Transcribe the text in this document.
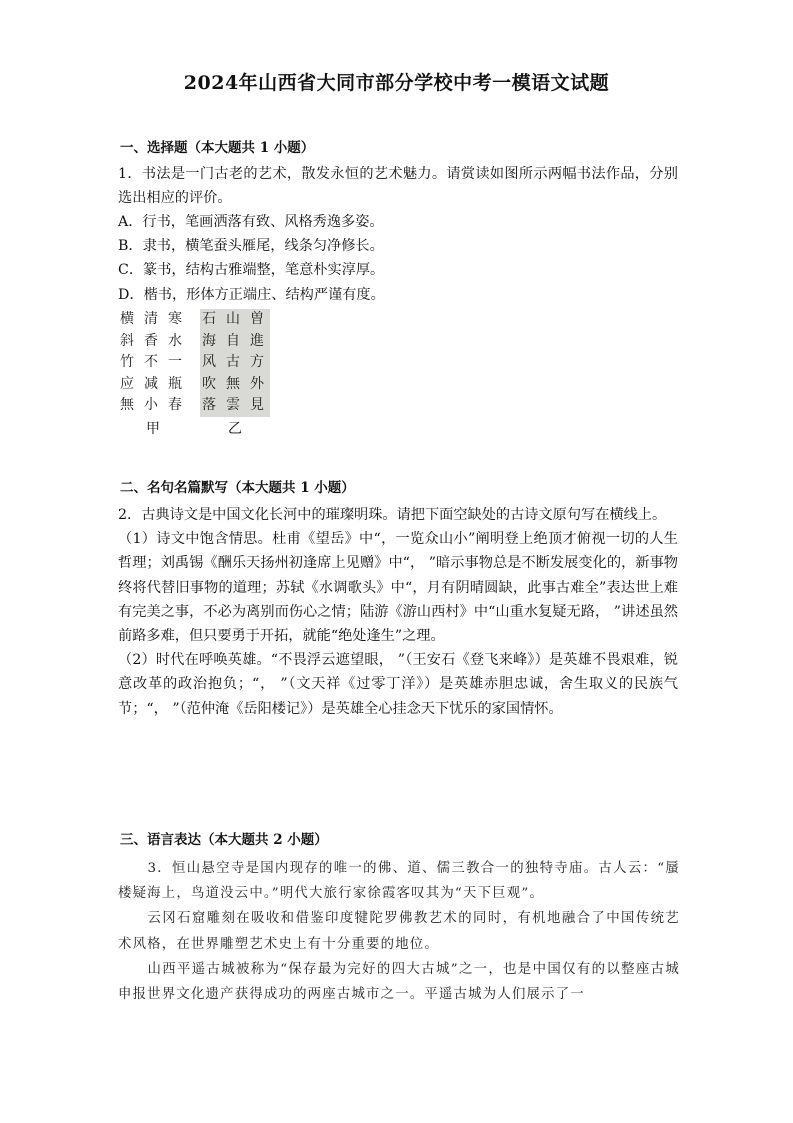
2024年山西省大同市部分学校中考一模语文试题
一、选择题（本大题共 1 小题）

1．书法是一门古老的艺术，散发永恒的艺术魅力。请赏读如图所示两幅书法作品，分别选出相应的评价。

A．行书，笔画洒落有致、风格秀逸多姿。
B．隶书，横笔蚕头雁尾，线条匀净修长。
C．篆书，结构古雅端整，笔意朴实淳厚。
D．楷书，形体方正端庄、结构严谨有度。
横
斜
竹
应
無
清
香
不
减
小
寒
水
一
瓶
春
石
海
风
吹
落
山
自
古
無
雲
曽
進
方
外
見
甲	乙
二、名句名篇默写（本大题共 1 小题）

2．古典诗文是中国文化长河中的璀璨明珠。请把下面空缺处的古诗文原句写在横线上。

（1）诗文中饱含情思。杜甫《望岳》中“，一览众山小”阐明登上绝顶才俯视一切的人生哲理；刘禹锡《酬乐天扬州初逢席上见赠》中“， ”暗示事物总是不断发展变化的，新事物终将代替旧事物的道理；苏轼《水调歌头》中“，月有阴晴圆缺，此事古难全”表达世上难有完美之事，不必为离别而伤心之情；陆游《游山西村》中“山重水复疑无路， ”讲述虽然前路多难，但只要勇于开拓，就能“绝处逢生”之理。

（2）时代在呼唤英雄。“不畏浮云遮望眼， ”（王安石《登飞来峰》）是英雄不畏艰难，锐意改革的政治抱负；“， ”（文天祥《过零丁洋》）是英雄赤胆忠诚，舍生取义的民族气节；“， ”（范仲淹《岳阳楼记》）是英雄全心挂念天下忧乐的家国情怀。

三、语言表达（本大题共 2 小题）

3．恒山悬空寺是国内现存的唯一的佛、道、儒三教合一的独特寺庙。古人云：“蜃楼疑海上，鸟道没云中。”明代大旅行家徐霞客叹其为“天下巨观”。

云冈石窟雕刻在吸收和借鉴印度犍陀罗佛教艺术的同时，有机地融合了中国传统艺术风格，在世界雕塑艺术史上有十分重要的地位。

山西平遥古城被称为“保存最为完好的四大古城”之一，也是中国仅有的以整座古城申报世界文化遗产获得成功的两座古城市之一。平遥古城为人们展示了一
